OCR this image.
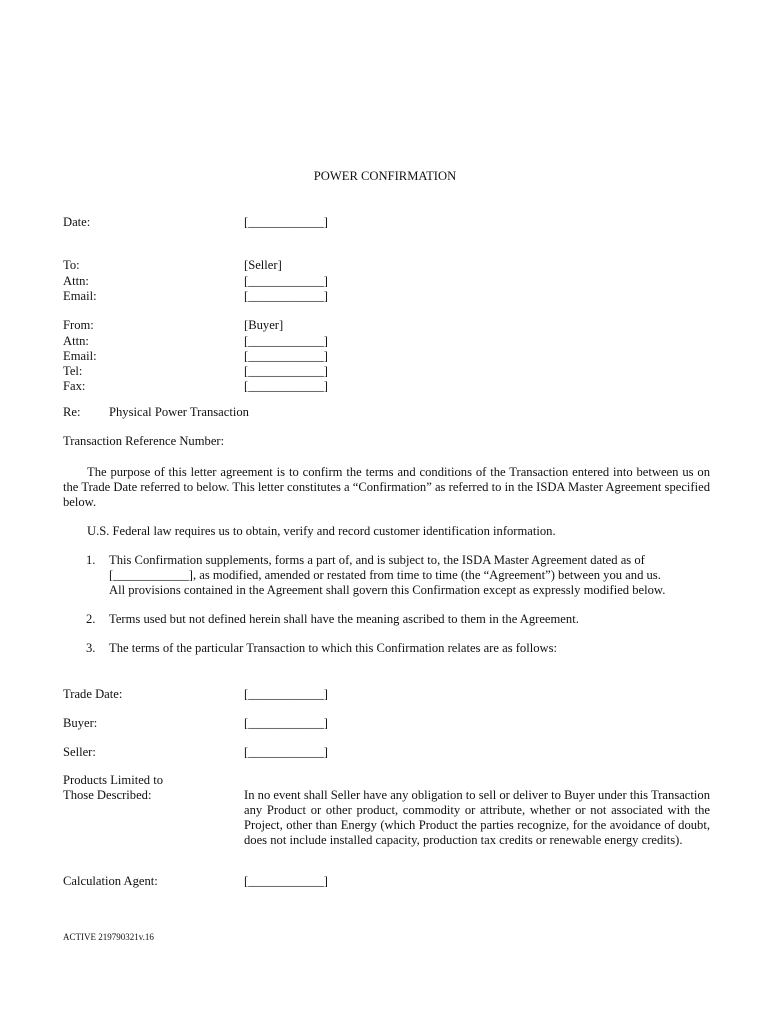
POWER CONFIRMATION
Date:	[____________]
To:	[Seller]
Attn:	[____________]
Email:	[____________]
From:	[Buyer]
Attn:	[____________]
Email:	[____________]
Tel:	[____________]
Fax:	[____________]
Re: Physical Power Transaction
Transaction Reference Number:
The purpose of this letter agreement is to confirm the terms and conditions of the Transaction entered into between us on the Trade Date referred to below. This letter constitutes a “Confirmation” as referred to in the ISDA Master Agreement specified below.
U.S. Federal law requires us to obtain, verify and record customer identification information.
1. This Confirmation supplements, forms a part of, and is subject to, the ISDA Master Agreement dated as of
[____________], as modified, amended or restated from time to time (the “Agreement”) between you and us.
All provisions contained in the Agreement shall govern this Confirmation except as expressly modified below.
2. Terms used but not defined herein shall have the meaning ascribed to them in the Agreement.
3. The terms of the particular Transaction to which this Confirmation relates are as follows:
Trade Date:	[____________]
Buyer:	[____________]
Seller:	[____________]
Products Limited to
Those Described:	In no event shall Seller have any obligation to sell or deliver to Buyer under this Transaction any Product or other product, commodity or attribute, whether or not associated with the Project, other than Energy (which Product the parties recognize, for the avoidance of doubt, does not include installed capacity, production tax credits or renewable energy credits).
Calculation Agent:	[____________]
ACTIVE 219790321v.16
